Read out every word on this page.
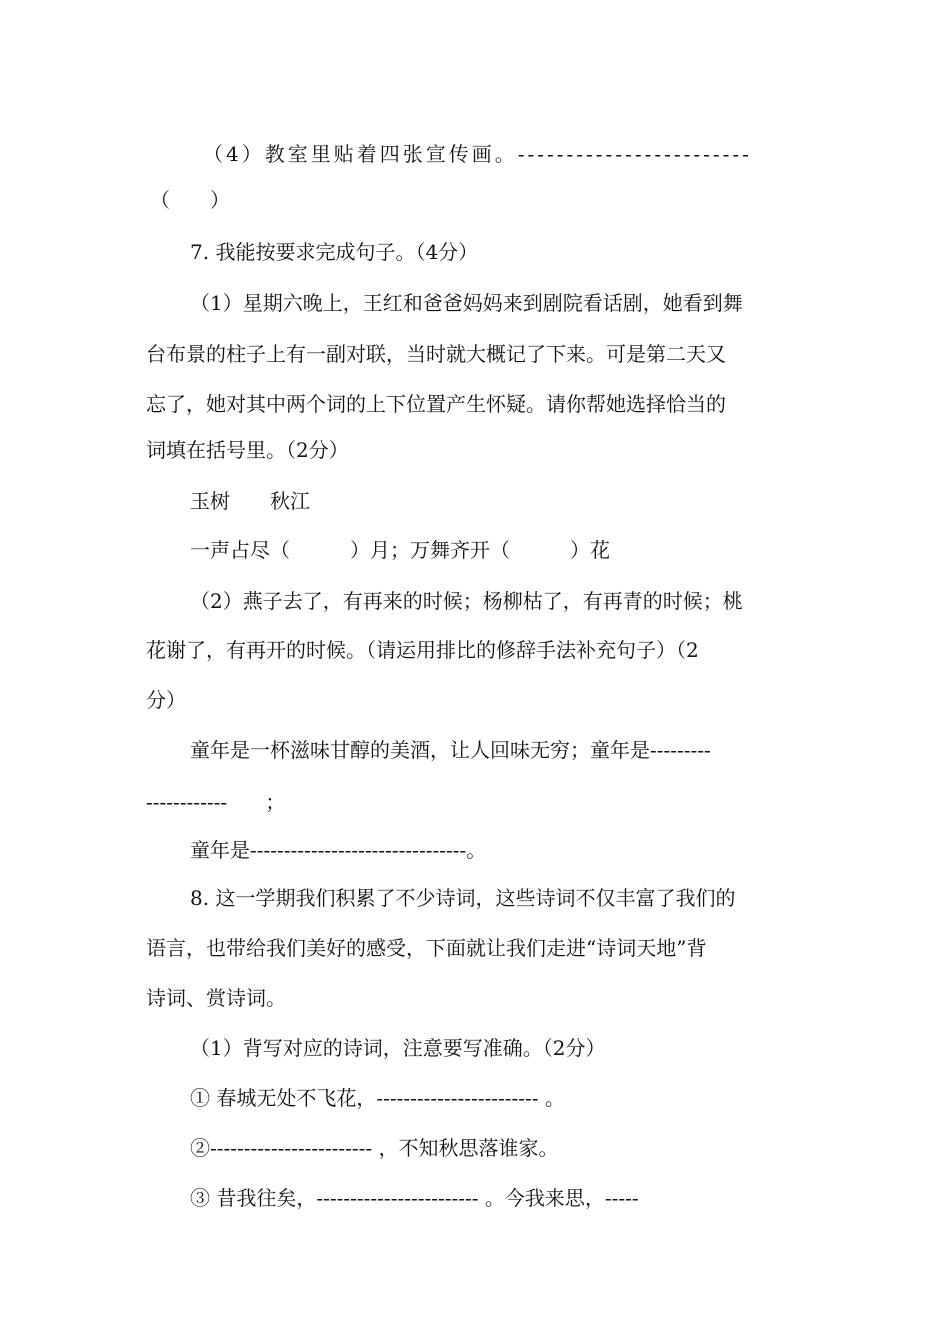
（4）教室里贴着四张宣传画。------------------------
（　　）
7. 我能按要求完成句子。（4分）
（1）星期六晚上，王红和爸爸妈妈来到剧院看话剧，她看到舞
台布景的柱子上有一副对联，当时就大概记了下来。可是第二天又
忘了，她对其中两个词的上下位置产生怀疑。请你帮她选择恰当的
词填在括号里。（2分）
玉树　　秋江
一声占尽（　　　）月；万舞齐开（　　　）花
（2）燕子去了，有再来的时候；杨柳枯了，有再青的时候；桃
花谢了，有再开的时候。（请运用排比的修辞手法补充句子）（2
分）
童年是一杯滋味甘醇的美酒，让人回味无穷；童年是---------
------------      ；
童年是--------------------------------。
8. 这一学期我们积累了不少诗词，这些诗词不仅丰富了我们的
语言，也带给我们美好的感受，下面就让我们走进“诗词天地”背
诗词、赏诗词。
（1）背写对应的诗词，注意要写准确。（2分）
① 春城无处不飞花，------------------------ 。
②------------------------ ，不知秋思落谁家。
③ 昔我往矣，------------------------ 。今我来思，-----
